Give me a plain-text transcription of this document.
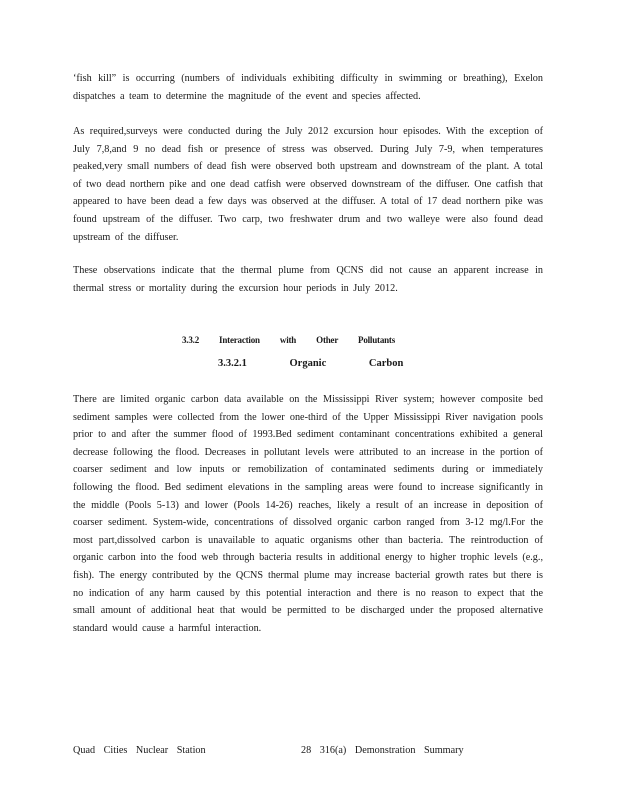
‘fish kill” is occurring (numbers of individuals exhibiting difficulty in swimming or breathing), Exelon dispatches a team to determine the magnitude of the event and species affected.

As required,surveys were conducted during the July 2012 excursion hour episodes. With the exception of July 7,8,and 9 no dead fish or presence of stress was observed. During July 7-9, when temperatures peaked,very small numbers of dead fish were observed both upstream and downstream of the plant. A total of two dead northern pike and one dead catfish were observed downstream of the diffuser. One catfish that appeared to have been dead a few days was observed at the diffuser. A total of 17 dead northern pike was found upstream of the diffuser. Two carp, two freshwater drum and two walleye were also found dead upstream of the diffuser.

These observations indicate that the thermal plume from QCNS did not cause an apparent increase in thermal stress or mortality during the excursion hour periods in July 2012.

3.3.2 Interaction with Other Pollutants
3.3.2.1 Organic Carbon

There are limited organic carbon data available on the Mississippi River system; however composite bed sediment samples were collected from the lower one-third of the Upper Mississippi River navigation pools prior to and after the summer flood of 1993.Bed sediment contaminant concentrations exhibited a general decrease following the flood. Decreases in pollutant levels were attributed to an increase in the portion of coarser sediment and low inputs or remobilization of contaminated sediments during or immediately following the flood. Bed sediment elevations in the sampling areas were found to increase significantly in the middle (Pools 5-13) and lower (Pools 14-26) reaches, likely a result of an increase in deposition of coarser sediment. System-wide, concentrations of dissolved organic carbon ranged from 3-12 mg/l.For the most part,dissolved carbon is unavailable to aquatic organisms other than bacteria. The reintroduction of organic carbon into the food web through bacteria results in additional energy to higher trophic levels (e.g., fish). The energy contributed by the QCNS thermal plume may increase bacterial growth rates but there is no indication of any harm caused by this potential interaction and there is no reason to expect that the small amount of additional heat that would be permitted to be discharged under the proposed alternative standard would cause a harmful interaction.

Quad Cities Nuclear Station	28 316(a) Demonstration Summary
